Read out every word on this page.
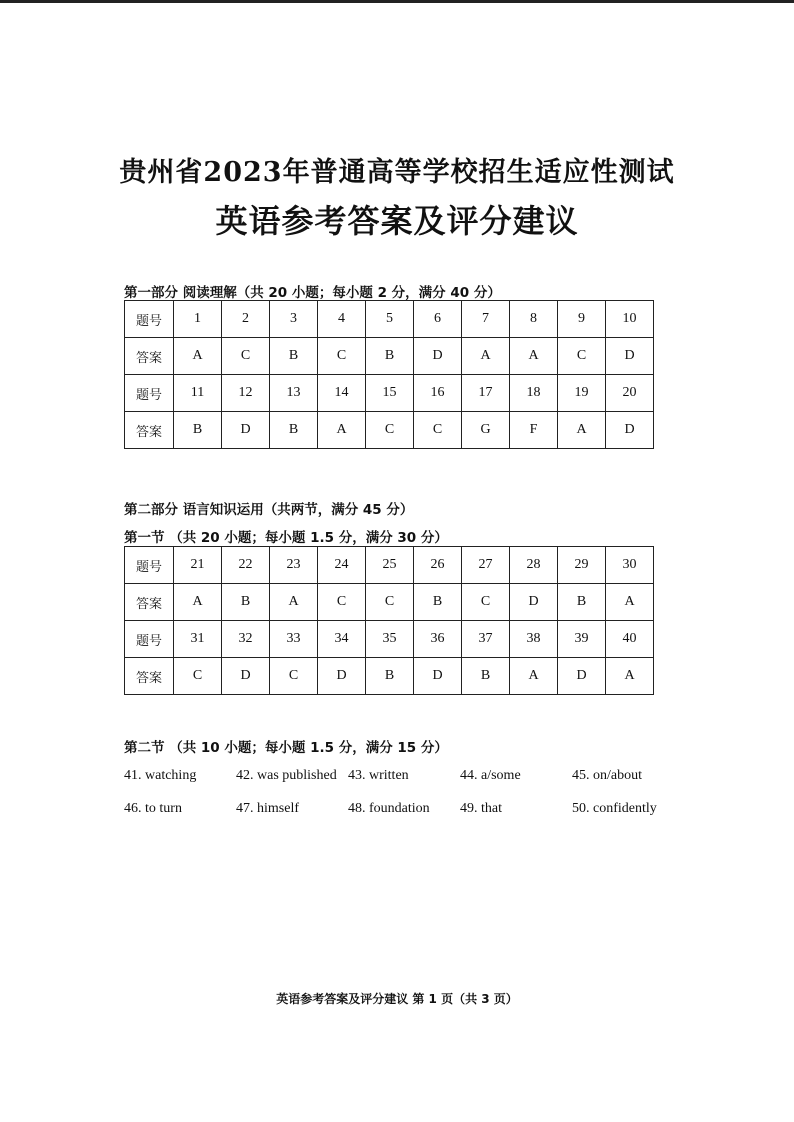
贵州省2023年普通高等学校招生适应性测试
英语参考答案及评分建议
第一部分 阅读理解（共 20 小题；每小题 2 分，满分 40 分）
题号	1	2	3	4	5	6	7	8	9	10
答案	A	C	B	C	B	D	A	A	C	D
题号	11	12	13	14	15	16	17	18	19	20
答案	B	D	B	A	C	C	G	F	A	D
第二部分 语言知识运用（共两节，满分 45 分）
第一节 （共 20 小题；每小题 1.5 分，满分 30 分）
题号	21	22	23	24	25	26	27	28	29	30
答案	A	B	A	C	C	B	C	D	B	A
题号	31	32	33	34	35	36	37	38	39	40
答案	C	D	C	D	B	D	B	A	D	A
第二节 （共 10 小题；每小题 1.5 分，满分 15 分）
41. watching	42. was published 43. written	44. a/some	45. on/about
46. to turn	47. himself	48. foundation 49. that	50. confidently
英语参考答案及评分建议 第 1 页（共 3 页）
